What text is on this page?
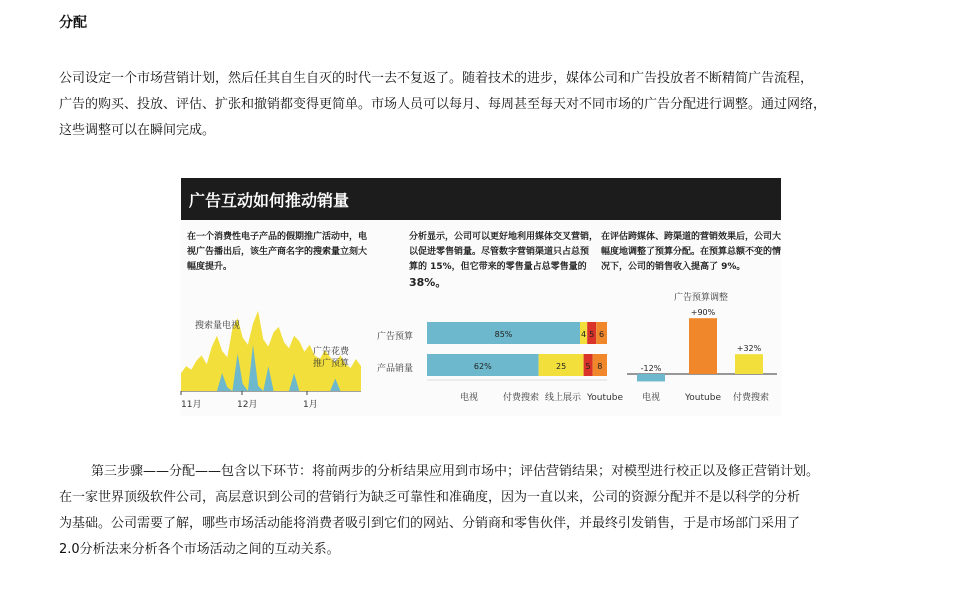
分配

公司设定一个市场营销计划，然后任其自生自灭的时代一去不复返了。随着技术的进步，媒体公司和广告投放者不断精简广告流程，

广告的购买、投放、评估、扩张和撤销都变得更简单。市场人员可以每月、每周甚至每天对不同市场的广告分配进行调整。通过网络，

这些调整可以在瞬间完成。

广告互动如何推动销量

在一个消费性电子产品的假期推广活动中，电

视广告播出后，该生产商名字的搜索量立刻大

幅度提升。

分析显示，公司可以更好地利用媒体交叉营销，

以促进零售销量。尽管数字营销渠道只占总预

算的 15%，但它带来的零售量占总零售量的

38%。

在评估跨媒体、跨渠道的营销效果后，公司大

幅度地调整了预算分配。在预算总额不变的情

况下，公司的销售收入提高了 9%。

搜索量电视
广告花费
推广预算
11月	12月	1月
广告预算
产品销量
电视	付费搜索 线上展示 Youtube
85%	4 5 6
62%	25 5 8
广告预算调整
电视	Youtube 付费搜索
-12%
+90%
+32%

第三步骤——分配——包含以下环节：将前两步的分析结果应用到市场中；评估营销结果；对模型进行校正以及修正营销计划。

在一家世界顶级软件公司，高层意识到公司的营销行为缺乏可靠性和准确度，因为一直以来，公司的资源分配并不是以科学的分析

为基础。公司需要了解，哪些市场活动能将消费者吸引到它们的网站、分销商和零售伙伴，并最终引发销售，于是市场部门采用了

2.0分析法来分析各个市场活动之间的互动关系。
